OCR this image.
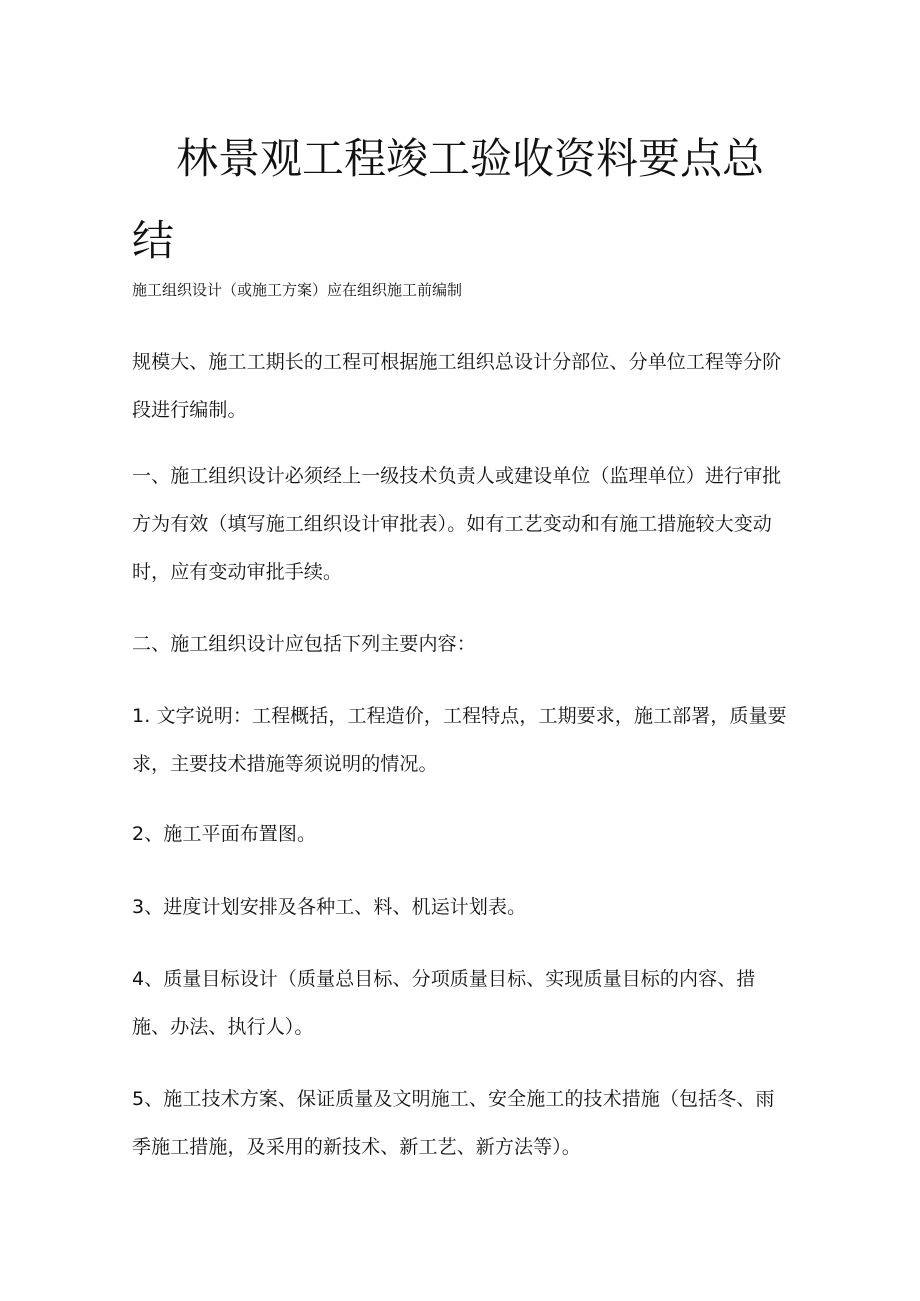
林景观工程竣工验收资料要点总结

施工组织设计（或施工方案）应在组织施工前编制

规模大、施工工期长的工程可根据施工组织总设计分部位、分单位工程等分阶段进行编制。

一、施工组织设计必须经上一级技术负责人或建设单位（监理单位）进行审批方为有效（填写施工组织设计审批表）。如有工艺变动和有施工措施较大变动时，应有变动审批手续。

二、施工组织设计应包括下列主要内容：

1. 文字说明：工程概括，工程造价，工程特点，工期要求，施工部署，质量要求，主要技术措施等须说明的情况。

2、施工平面布置图。

3、进度计划安排及各种工、料、机运计划表。

4、质量目标设计（质量总目标、分项质量目标、实现质量目标的内容、措施、办法、执行人）。

5、施工技术方案、保证质量及文明施工、安全施工的技术措施（包括冬、雨季施工措施，及采用的新技术、新工艺、新方法等）。
